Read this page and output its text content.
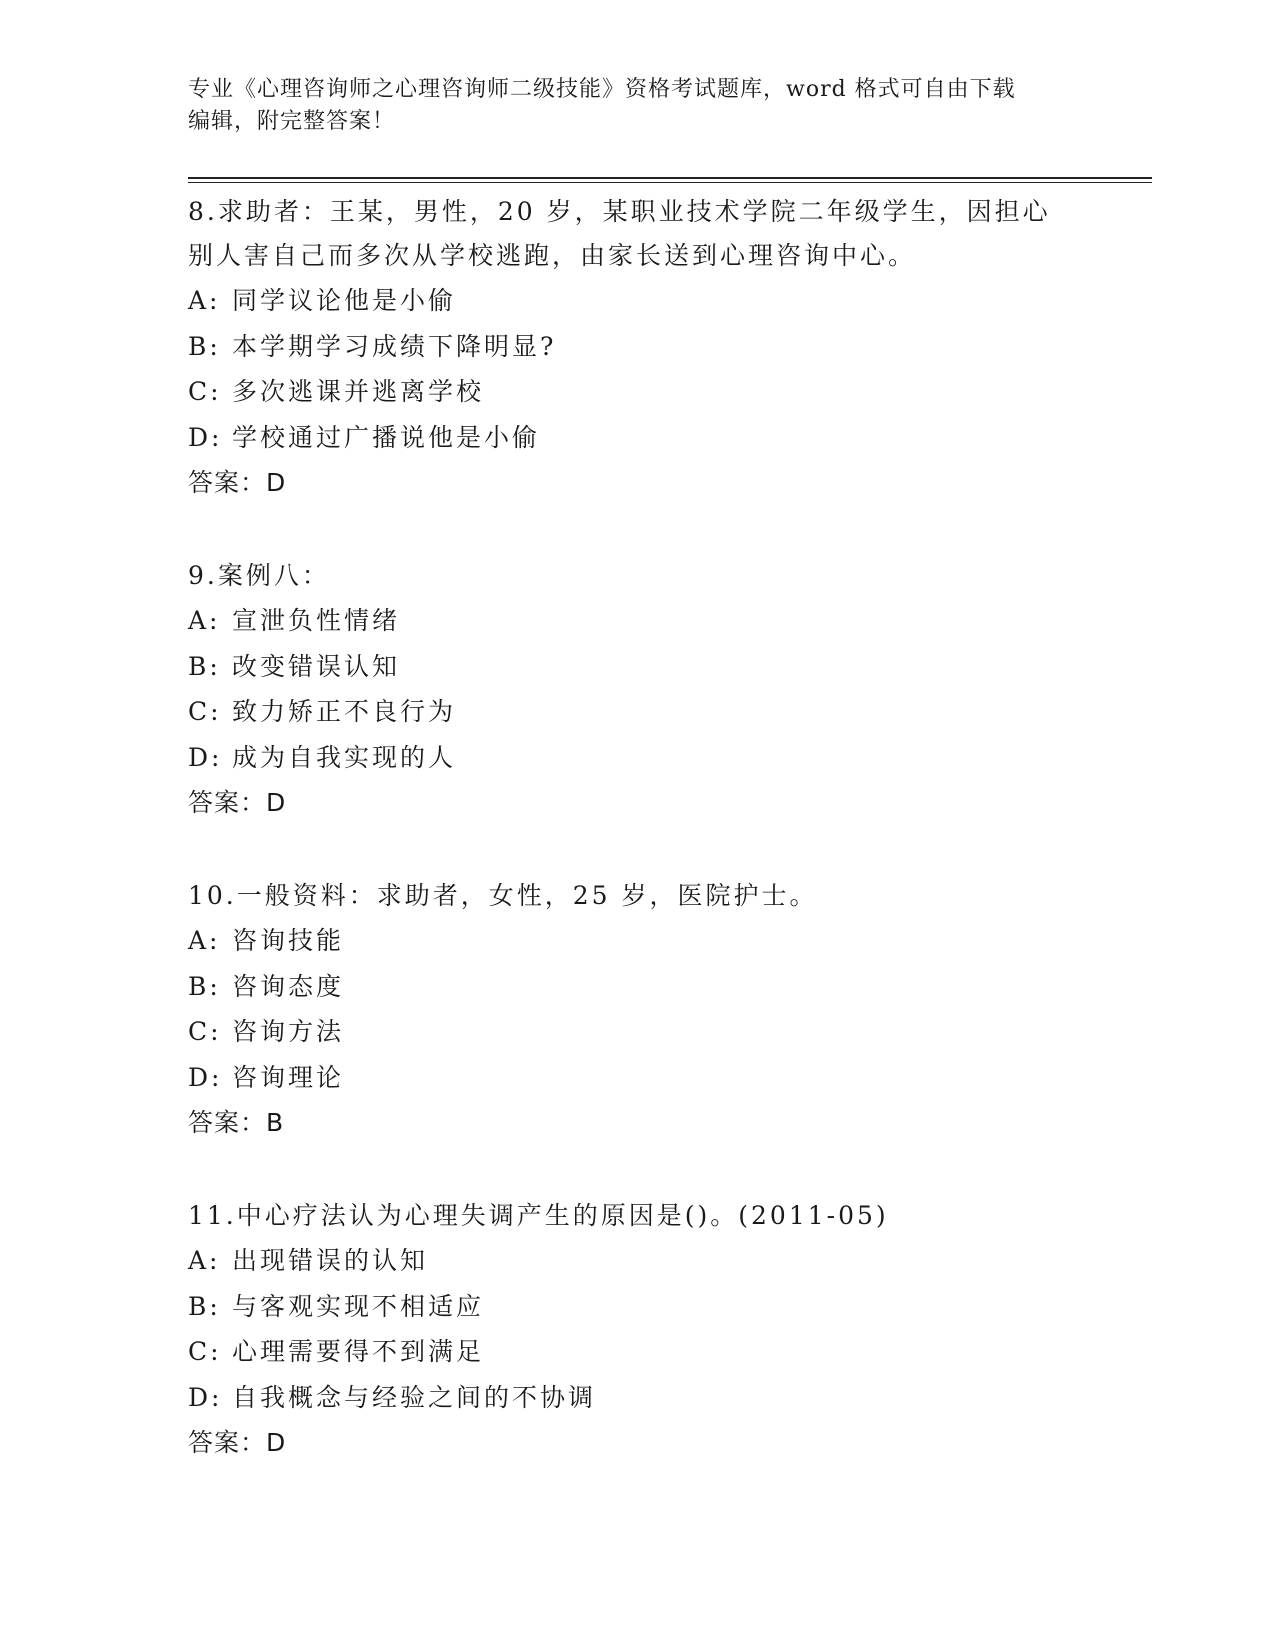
专业《心理咨询师之心理咨询师二级技能》资格考试题库，word 格式可自由下载
编辑，附完整答案！
8.求助者：王某，男性，20 岁，某职业技术学院二年级学生，因担心
别人害自己而多次从学校逃跑，由家长送到心理咨询中心。
A: 同学议论他是小偷
B: 本学期学习成绩下降明显?
C: 多次逃课并逃离学校
D: 学校通过广播说他是小偷
答案：D
9.案例八：
A: 宣泄负性情绪
B: 改变错误认知
C: 致力矫正不良行为
D: 成为自我实现的人
答案：D
10.一般资料：求助者，女性，25 岁，医院护士。
A: 咨询技能
B: 咨询态度
C: 咨询方法
D: 咨询理论
答案：B
11.中心疗法认为心理失调产生的原因是()。(2011-05)
A: 出现错误的认知
B: 与客观实现不相适应
C: 心理需要得不到满足
D: 自我概念与经验之间的不协调
答案：D
